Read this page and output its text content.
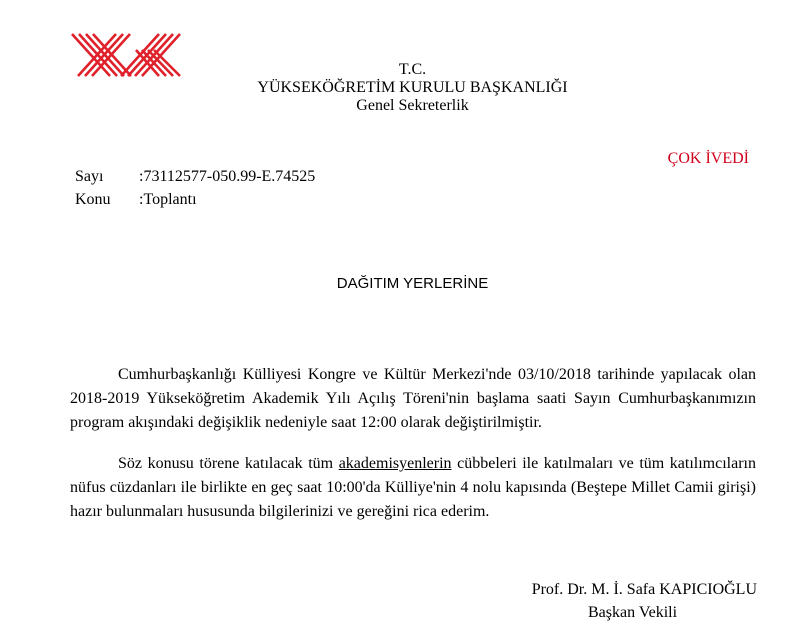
T.C.
YÜKSEKÖĞRETİM KURULU BAŞKANLIĞI
Genel Sekreterlik
ÇOK İVEDİ
Sayı :73112577-050.99-E.74525
Konu :Toplantı
DAĞITIM YERLERİNE

Cumhurbaşkanlığı Külliyesi Kongre ve Kültür Merkezi'nde 03/10/2018 tarihinde yapılacak olan 2018-2019 Yükseköğretim Akademik Yılı Açılış Töreni'nin başlama saati Sayın Cumhurbaşkanımızın program akışındaki değişiklik nedeniyle saat 12:00 olarak değiştirilmiştir.

Söz konusu törene katılacak tüm akademisyenlerin cübbeleri ile katılmaları ve tüm katılımcıların nüfus cüzdanları ile birlikte en geç saat 10:00'da Külliye'nin 4 nolu kapısında (Beştepe Millet Camii girişi) hazır bulunmaları hususunda bilgilerinizi ve gereğini rica ederim.

Prof. Dr. M. İ. Safa KAPICIOĞLU
Başkan Vekili
